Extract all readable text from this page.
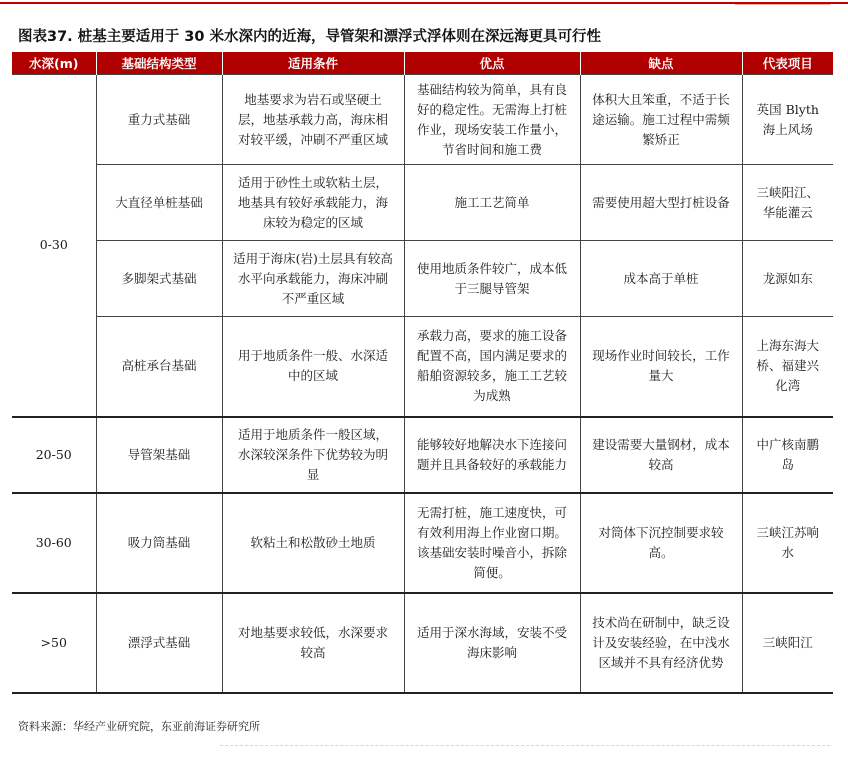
图表37. 桩基主要适用于 30 米水深内的近海，导管架和漂浮式浮体则在深远海更具可行性
水深(m)	基础结构类型	适用条件	优点	缺点	代表项目
0-30	重力式基础	地基要求为岩石或坚硬土层，地基承载力高，海床相对较平缓，冲刷不严重区域	基础结构较为简单，具有良好的稳定性。无需海上打桩作业，现场安装工作量小，节省时间和施工费	体积大且笨重，不适于长途运输。施工过程中需频繁矫正	英国 Blyth 海上风场
	大直径单桩基础	适用于砂性土或软粘土层，地基具有较好承载能力，海床较为稳定的区域	施工工艺简单	需要使用超大型打桩设备	三峡阳江、华能灌云
	多脚架式基础	适用于海床(岩)土层具有较高水平向承载能力，海床冲刷不严重区域	使用地质条件较广，成本低于三腿导管架	成本高于单桩	龙源如东
	高桩承台基础	用于地质条件一般、水深适中的区域	承载力高，要求的施工设备配置不高，国内满足要求的船舶资源较多，施工工艺较为成熟	现场作业时间较长，工作量大	上海东海大桥、福建兴化湾
20-50	导管架基础	适用于地质条件一般区域，水深较深条件下优势较为明显	能够较好地解决水下连接问题并且具备较好的承载能力	建设需要大量钢材，成本较高	中广核南鹏岛
30-60	吸力筒基础	软粘土和松散砂土地质	无需打桩，施工速度快，可有效利用海上作业窗口期。该基础安装时噪音小，拆除简便。	对筒体下沉控制要求较高。	三峡江苏响水
>50	漂浮式基础	对地基要求较低，水深要求较高	适用于深水海域，安装不受海床影响	技术尚在研制中，缺乏设计及安装经验，在中浅水区域并不具有经济优势	三峡阳江
资料来源：华经产业研究院，东亚前海证券研究所
